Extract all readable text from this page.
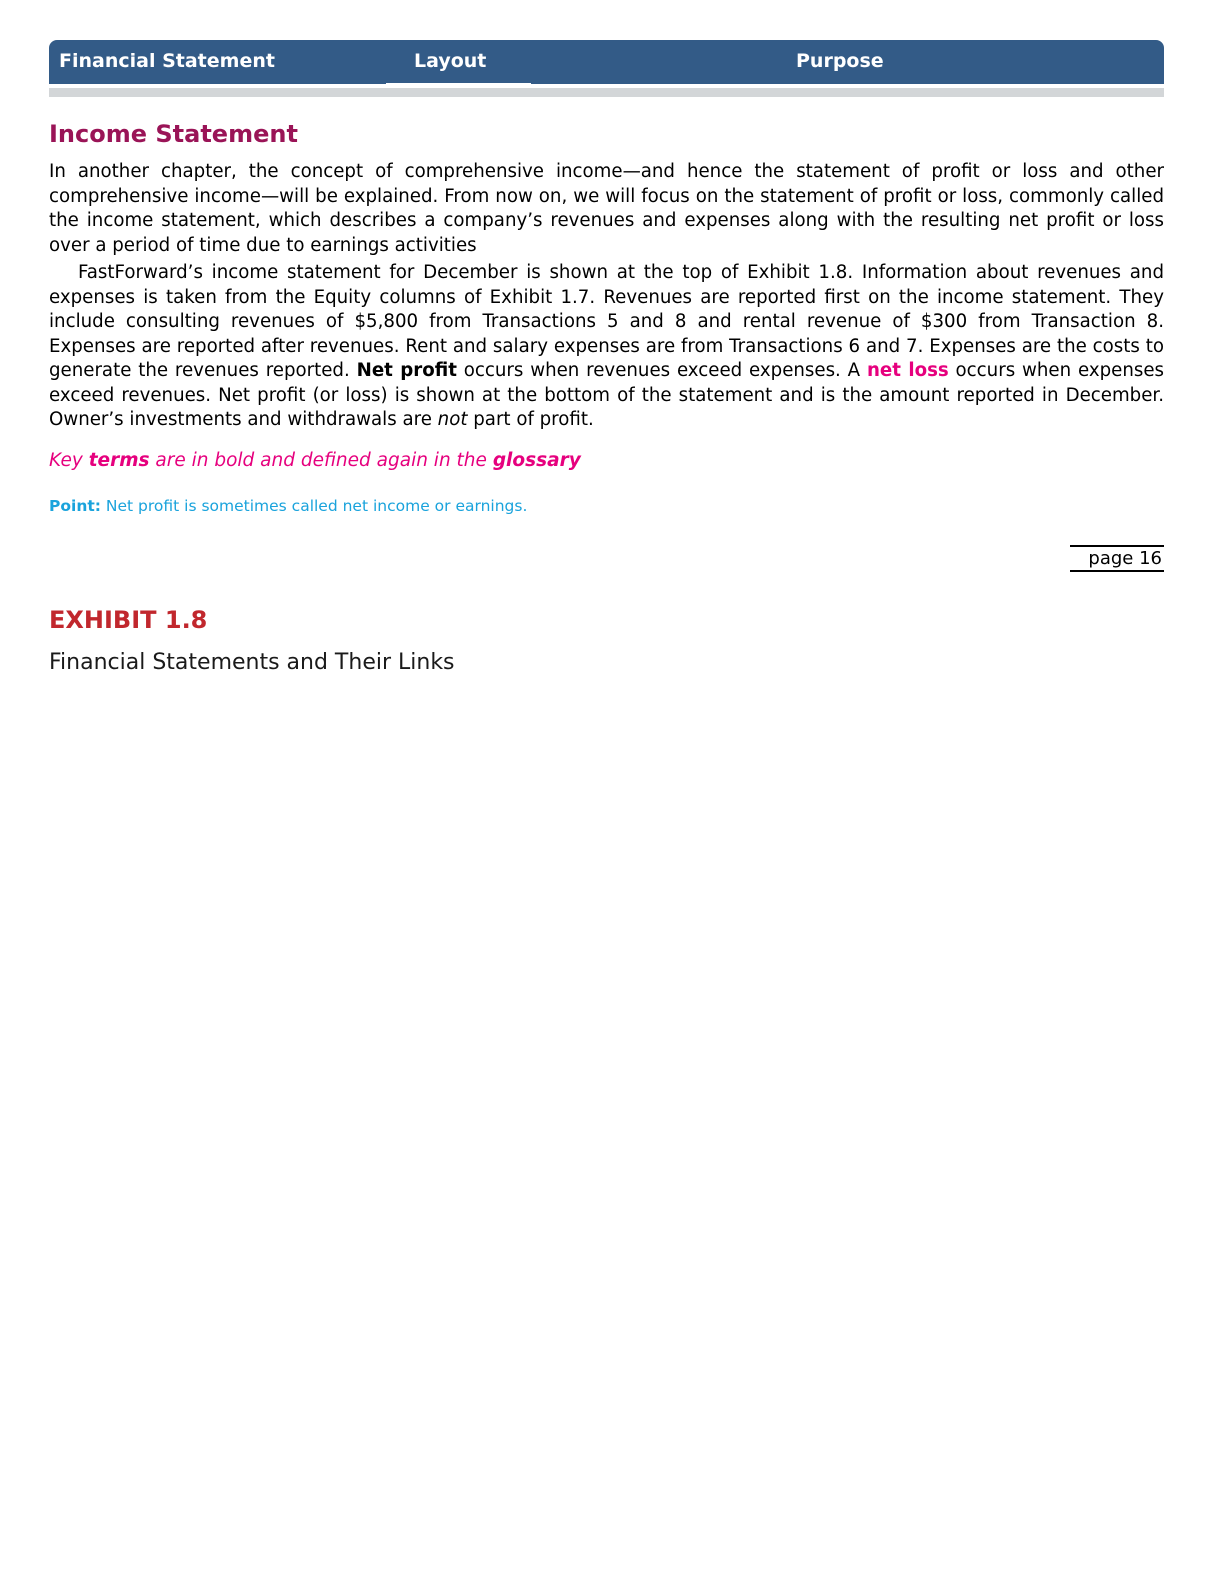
Financial Statement	Layout	Purpose
Income Statement

In another chapter, the concept of comprehensive income—and hence the statement of profit or loss and other comprehensive income—will be explained. From now on, we will focus on the statement of profit or loss, commonly called the income statement, which describes a company’s revenues and expenses along with the resulting net profit or loss over a period of time due to earnings activities

FastForward’s income statement for December is shown at the top of Exhibit 1.8. Information about revenues and expenses is taken from the Equity columns of Exhibit 1.7. Revenues are reported first on the income statement. They include consulting revenues of $5,800 from Transactions 5 and 8 and rental revenue of $300 from Transaction 8. Expenses are reported after revenues. Rent and salary expenses are from Transactions 6 and 7. Expenses are the costs to generate the revenues reported. Net profit occurs when revenues exceed expenses. A net loss occurs when expenses exceed revenues. Net profit (or loss) is shown at the bottom of the statement and is the amount reported in December. Owner’s investments and withdrawals are not part of profit.

Key terms are in bold and defined again in the glossary

Point: Net profit is sometimes called net income or earnings.

page 16
EXHIBIT 1.8

Financial Statements and Their Links
